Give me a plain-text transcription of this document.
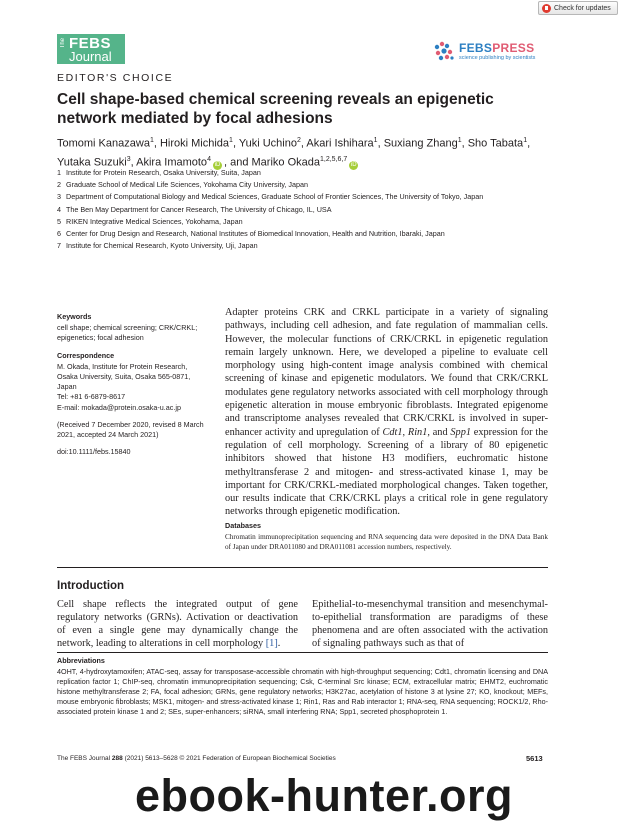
Check for updates
The FEBS
Journal
EDITOR'S CHOICE
FEBSPRESS
science publishing by scientists
Cell shape-based chemical screening reveals an epigenetic network mediated by focal adhesions
Tomomi Kanazawa$^1$, Hiroki Michida$^1$, Yuki Uchino$^2$, Akari Ishihara$^1$, Suxiang Zhang$^1$, Sho Tabata$^1$, Yutaka Suzuki$^3$, Akira Imamoto$^4$iD , and Mariko Okada$^{1,2,5,6,7}$iD
1 Institute for Protein Research, Osaka University, Suita, Japan
2 Graduate School of Medical Life Sciences, Yokohama City University, Japan
3 Department of Computational Biology and Medical Sciences, Graduate School of Frontier Sciences, The University of Tokyo, Japan
4 The Ben May Department for Cancer Research, The University of Chicago, IL, USA
5 RIKEN Integrative Medical Sciences, Yokohama, Japan
6 Center for Drug Design and Research, National Institutes of Biomedical Innovation, Health and Nutrition, Ibaraki, Japan
7 Institute for Chemical Research, Kyoto University, Uji, Japan
Keywords
cell shape; chemical screening; CRK/CRKL; epigenetics; focal adhesion
Correspondence
M. Okada, Institute for Protein Research,
Osaka University, Suita, Osaka 565-0871,
Japan
Tel: +81 6-6879-8617
E-mail: mokada@protein.osaka-u.ac.jp
(Received 7 December 2020, revised 8 March 2021, accepted 24 March 2021)
doi:10.1111/febs.15840
Adapter proteins CRK and CRKL participate in a variety of signaling pathways, including cell adhesion, and fate regulation of mammalian cells. However, the molecular functions of CRK/CRKL in epigenetic regulation remain largely unknown. Here, we developed a pipeline to evaluate cell morphology using high-content image analysis combined with chemical screening of kinase and epigenetic modulators. We found that CRK/CRKL modulates gene regulatory networks associated with cell morphology through epigenetic alteration in mouse embryonic fibroblasts. Integrated epigenome and transcriptome analyses revealed that CRK/CRKL is involved in super-enhancer activity and upregulation of Cdt1, Rin1, and Spp1 expression for the regulation of cell morphology. Screening of a library of 80 epigenetic inhibitors showed that histone H3 modifiers, euchromatic histone methyltransferase 2 and mitogen- and stress-activated kinase 1, may be important for CRK/CRKL-mediated morphological changes. Taken together, our results indicate that CRK/CRKL plays a critical role in gene regulatory networks through epigenetic modification.
Databases
Chromatin immunoprecipitation sequencing and RNA sequencing data were deposited in the DNA Data Bank of Japan under DRA011080 and DRA011081 accession numbers, respectively.
Introduction
Cell shape reflects the integrated output of gene regulatory networks (GRNs). Activation or deactivation of even a single gene may dynamically change the network, leading to alterations in cell morphology [1].
Epithelial-to-mesenchymal transition and mesenchymal-to-epithelial transformation are paradigms of these phenomena and are often associated with the activation of signaling pathways such as that of
Abbreviations
4OHT, 4-hydroxytamoxifen; ATAC-seq, assay for transposase-accessible chromatin with high-throughput sequencing; Cdt1, chromatin licensing and DNA replication factor 1; ChIP-seq, chromatin immunoprecipitation sequencing; Csk, C-terminal Src kinase; ECM, extracellular matrix; EHMT2, euchromatic histone methyltransferase 2; FA, focal adhesion; GRNs, gene regulatory networks; H3K27ac, acetylation of histone 3 at lysine 27; KO, knockout; MEFs, mouse embryonic fibroblasts; MSK1, mitogen- and stress-activated kinase 1; Rin1, Ras and Rab interactor 1; RNA-seq, RNA sequencing; ROCK1/2, Rho-associated protein kinase 1 and 2; SEs, super-enhancers; siRNA, small interfering RNA; Spp1, secreted phosphoprotein 1.
The FEBS Journal 288 (2021) 5613–5628 © 2021 Federation of European Biochemical Societies	5613
ebook-hunter.org
